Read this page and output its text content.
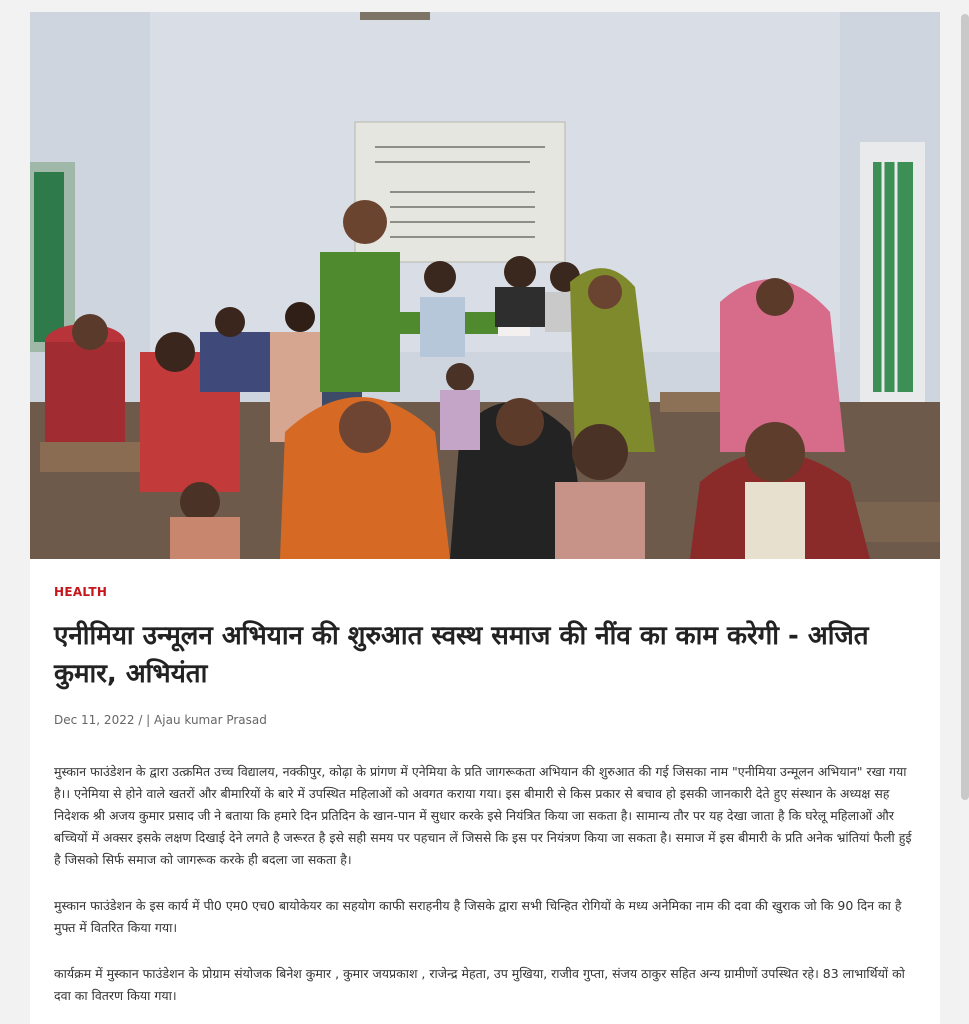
HEALTH

एनीमिया उन्मूलन अभियान की शुरुआत स्वस्थ समाज की नींव का काम करेगी - अजित कुमार, अभियंता
Dec 11, 2022 / | Ajau kumar Prasad

मुस्कान फाउंडेशन के द्वारा उत्क्रमित उच्च विद्यालय, नक्कीपुर, कोढ़ा के प्रांगण में एनेमिया के प्रति जागरूकता अभियान की शुरुआत की गई जिसका नाम "एनीमिया उन्मूलन अभियान" रखा गया है।। एनेमिया से होने वाले खतरों और बीमारियों के बारे में उपस्थित महिलाओं को अवगत कराया गया। इस बीमारी से किस प्रकार से बचाव हो इसकी जानकारी देते हुए संस्थान के अध्यक्ष सह निदेशक श्री अजय कुमार प्रसाद जी ने बताया कि हमारे दिन प्रतिदिन के खान-पान में सुधार करके इसे नियंत्रित किया जा सकता है। सामान्य तौर पर यह देखा जाता है कि घरेलू महिलाओं और बच्चियों में अक्सर इसके लक्षण दिखाई देने लगते है जरूरत है इसे सही समय पर पहचान लें जिससे कि इस पर नियंत्रण किया जा सकता है। समाज में इस बीमारी के प्रति अनेक भ्रांतियां फैली हुई है जिसको सिर्फ समाज को जागरूक करके ही बदला जा सकता है।

मुस्कान फाउंडेशन के इस कार्य में पी0 एम0 एच0 बायोकेयर का सहयोग काफी सराहनीय है जिसके द्वारा सभी चिन्हित रोगियों के मध्य अनेमिका नाम की दवा की खुराक जो कि 90 दिन का है मुफ्त में वितरित किया गया।

कार्यक्रम में मुस्कान फाउंडेशन के प्रोग्राम संयोजक बिनेश कुमार , कुमार जयप्रकाश , राजेन्द्र मेहता, उप मुखिया, राजीव गुप्ता, संजय ठाकुर सहित अन्य ग्रामीणों उपस्थित रहे। 83 लाभार्थियों को दवा का वितरण किया गया।
